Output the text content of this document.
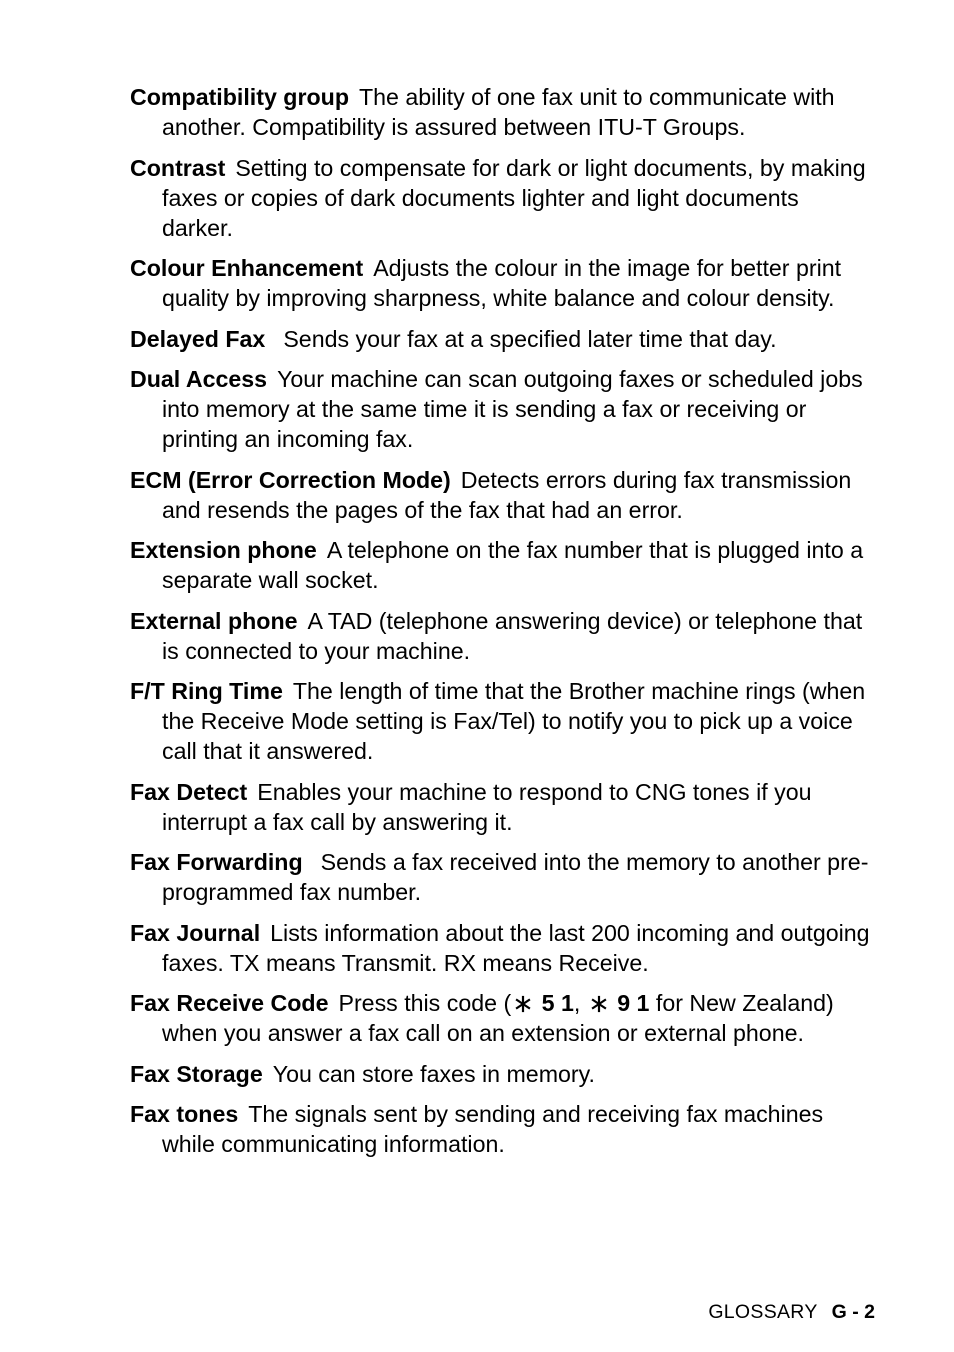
Compatibility group The ability of one fax unit to communicate with another. Compatibility is assured between ITU-T Groups.

Contrast Setting to compensate for dark or light documents, by making faxes or copies of dark documents lighter and light documents darker.

Colour Enhancement Adjusts the colour in the image for better print quality by improving sharpness, white balance and colour density.

Delayed Fax Sends your fax at a specified later time that day.

Dual Access Your machine can scan outgoing faxes or scheduled jobs into memory at the same time it is sending a fax or receiving or printing an incoming fax.

ECM (Error Correction Mode) Detects errors during fax transmission and resends the pages of the fax that had an error.

Extension phone A telephone on the fax number that is plugged into a separate wall socket.

External phone A TAD (telephone answering device) or telephone that is connected to your machine.

F/T Ring Time The length of time that the Brother machine rings (when the Receive Mode setting is Fax/Tel) to notify you to pick up a voice call that it answered.

Fax Detect Enables your machine to respond to CNG tones if you interrupt a fax call by answering it.

Fax Forwarding Sends a fax received into the memory to another pre-programmed fax number.

Fax Journal Lists information about the last 200 incoming and outgoing faxes. TX means Transmit. RX means Receive.

Fax Receive Code Press this code ( 5 1,  9 1 for New Zealand) when you answer a fax call on an extension or external phone.

Fax Storage You can store faxes in memory.

Fax tones The signals sent by sending and receiving fax machines while communicating information.

GLOSSARY G - 2
